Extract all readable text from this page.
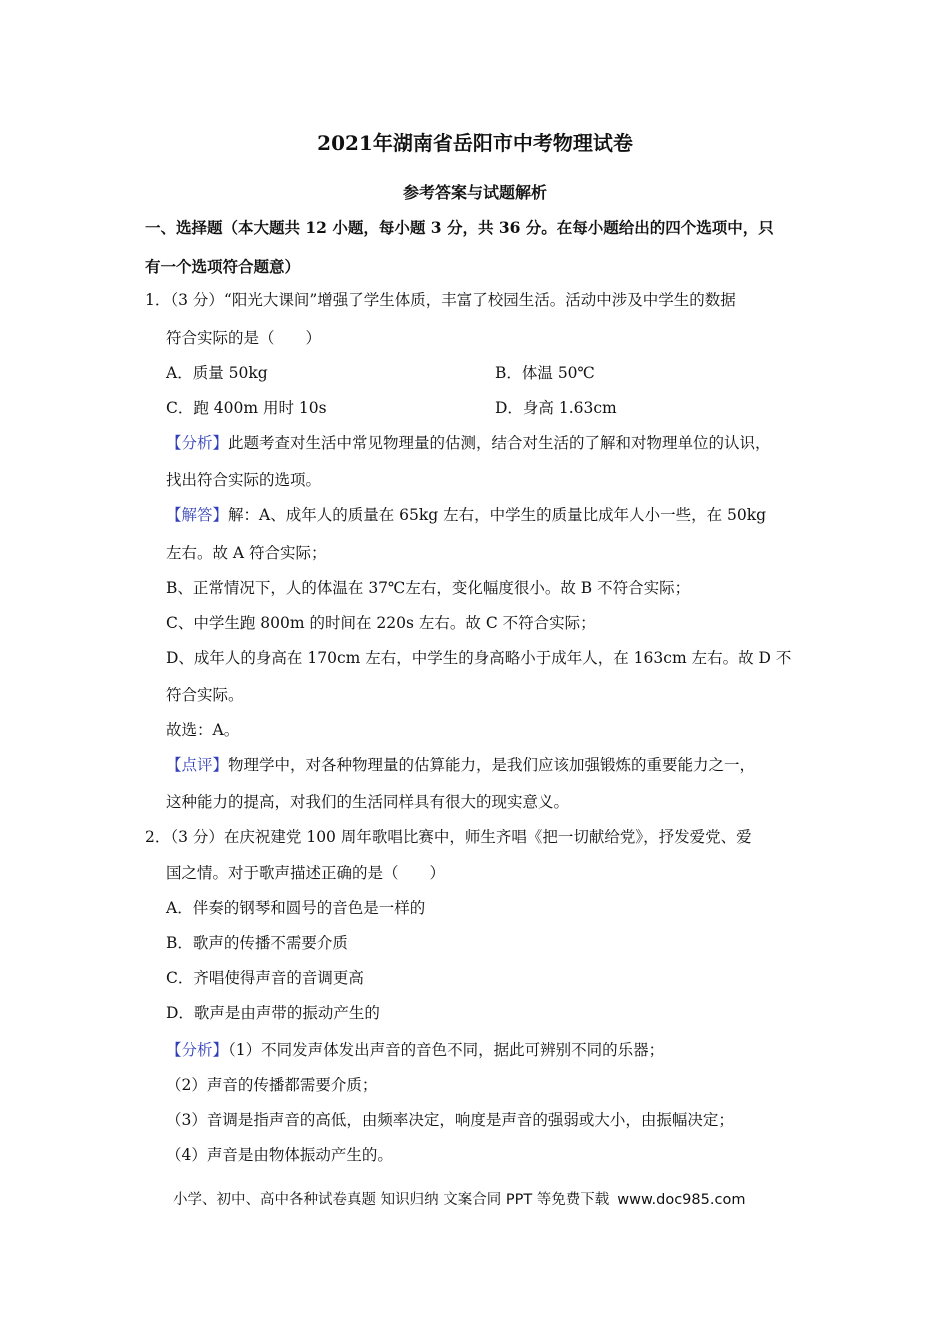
2021年湖南省岳阳市中考物理试卷
参考答案与试题解析
一、选择题（本大题共 12 小题，每小题 3 分，共 36 分。在每小题给出的四个选项中，只
有一个选项符合题意）
1．（3 分）“阳光大课间”增强了学生体质，丰富了校园生活。活动中涉及中学生的数据
符合实际的是（　　）
A．质量 50kg	B．体温 50℃
C．跑 400m 用时 10s	D．身高 1.63cm
【分析】此题考查对生活中常见物理量的估测，结合对生活的了解和对物理单位的认识，
找出符合实际的选项。
【解答】解：A、成年人的质量在 65kg 左右，中学生的质量比成年人小一些，在 50kg
左右。故 A 符合实际；
B、正常情况下，人的体温在 37℃左右，变化幅度很小。故 B 不符合实际；
C、中学生跑 800m 的时间在 220s 左右。故 C 不符合实际；
D、成年人的身高在 170cm 左右，中学生的身高略小于成年人，在 163cm 左右。故 D 不
符合实际。
故选：A。
【点评】物理学中，对各种物理量的估算能力，是我们应该加强锻炼的重要能力之一，
这种能力的提高，对我们的生活同样具有很大的现实意义。
2．（3 分）在庆祝建党 100 周年歌唱比赛中，师生齐唱《把一切献给党》，抒发爱党、爱
国之情。对于歌声描述正确的是（　　）
A．伴奏的钢琴和圆号的音色是一样的
B．歌声的传播不需要介质
C．齐唱使得声音的音调更高
D．歌声是由声带的振动产生的
【分析】（1）不同发声体发出声音的音色不同，据此可辨别不同的乐器；
（2）声音的传播都需要介质；
（3）音调是指声音的高低，由频率决定，响度是声音的强弱或大小，由振幅决定；
（4）声音是由物体振动产生的。
小学、初中、高中各种试卷真题 知识归纳 文案合同 PPT 等免费下载 www.doc985.com
